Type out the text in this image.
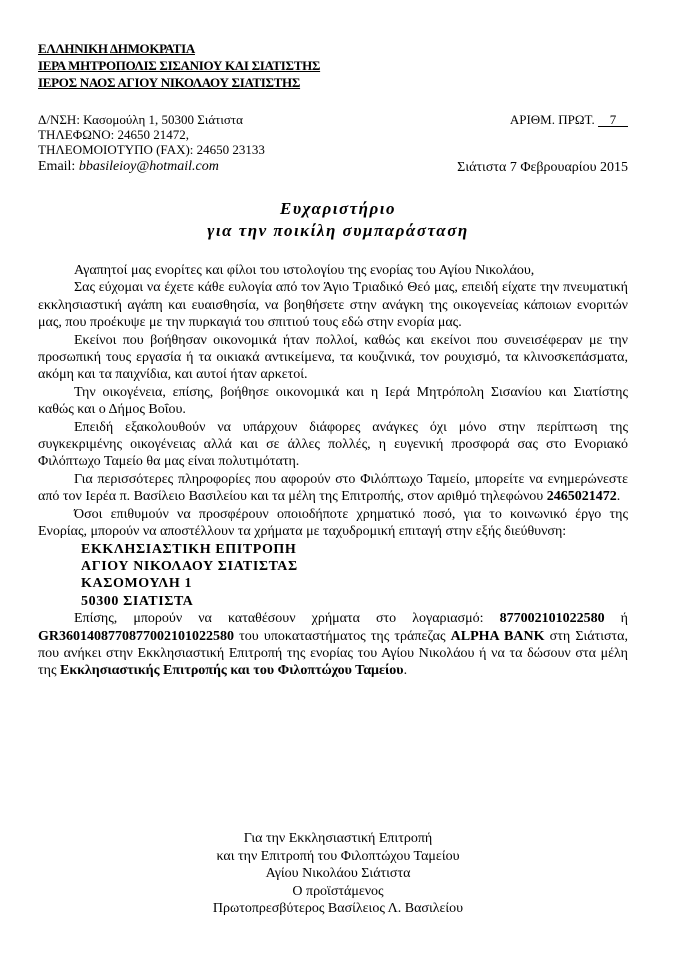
ΕΛΛΗΝΙΚΗ ΔΗΜΟΚΡΑΤΙΑ
ΙΕΡΑ ΜΗΤΡΟΠΟΛΙΣ ΣΙΣΑΝΙΟΥ ΚΑΙ ΣΙΑΤΙΣΤΗΣ
ΙΕΡΟΣ ΝΑΟΣ ΑΓΙΟΥ ΝΙΚΟΛΑΟΥ ΣΙΑΤΙΣΤΗΣ
Δ/ΝΣΗ: Κασομούλη 1, 50300 Σιάτιστα
ΤΗΛΕΦΩΝΟ: 24650 21472,
ΤΗΛΕΟΜΟΙΟΤΥΠΟ (FAX): 24650 23133
Email: bbasileioy@hotmail.com
ΑΡΙΘΜ. ΠΡΩΤ. 7
Σιάτιστα 7 Φεβρουαρίου 2015
Ευχαριστήριο
για την ποικίλη συμπαράσταση

Αγαπητοί μας ενορίτες και φίλοι του ιστολογίου της ενορίας του Αγίου Νικολάου,

Σας εύχομαι να έχετε κάθε ευλογία από τον Άγιο Τριαδικό Θεό μας, επειδή είχατε την πνευματική εκκλησιαστική αγάπη και ευαισθησία, να βοηθήσετε στην ανάγκη της οικογενείας κάποιων ενοριτών μας, που προέκυψε με την πυρκαγιά του σπιτιού τους εδώ στην ενορία μας.

Εκείνοι που βοήθησαν οικονομικά ήταν πολλοί, καθώς και εκείνοι που συνεισέφεραν με την προσωπική τους εργασία ή τα οικιακά αντικείμενα, τα κουζινικά, τον ρουχισμό, τα κλινοσκεπάσματα, ακόμη και τα παιχνίδια, και αυτοί ήταν αρκετοί.

Την οικογένεια, επίσης, βοήθησε οικονομικά και η Ιερά Μητρόπολη Σισανίου και Σιατίστης καθώς και ο Δήμος Βοΐου.

Επειδή εξακολουθούν να υπάρχουν διάφορες ανάγκες όχι μόνο στην περίπτωση της συγκεκριμένης οικογένειας αλλά και σε άλλες πολλές, η ευγενική προσφορά σας στο Ενοριακό Φιλόπτωχο Ταμείο θα μας είναι πολυτιμότατη.

Για περισσότερες πληροφορίες που αφορούν στο Φιλόπτωχο Ταμείο, μπορείτε να ενημερώνεστε από τον Ιερέα π. Βασίλειο Βασιλείου και τα μέλη της Επιτροπής, στον αριθμό τηλεφώνου 2465021472.

Όσοι επιθυμούν να προσφέρουν οποιοδήποτε χρηματικό ποσό, για το κοινωνικό έργο της Ενορίας, μπορούν να αποστέλλουν τα χρήματα με ταχυδρομική επιταγή στην εξής διεύθυνση:

ΕΚΚΛΗΣΙΑΣΤΙΚΗ ΕΠΙΤΡΟΠΗ
ΑΓΙΟΥ ΝΙΚΟΛΑΟΥ ΣΙΑΤΙΣΤΑΣ
ΚΑΣΟΜΟΥΛΗ 1
50300 ΣΙΑΤΙΣΤΑ

Επίσης, μπορούν να καταθέσουν χρήματα στο λογαριασμό: 877002101022580 ή GR3601408770877002101022580 του υποκαταστήματος της τράπεζας ALPHA BANK στη Σιάτιστα, που ανήκει στην Εκκλησιαστική Επιτροπή της ενορίας του Αγίου Νικολάου ή να τα δώσουν στα μέλη της Εκκλησιαστικής Επιτροπής και του Φιλοπτώχου Ταμείου.

Για την Εκκλησιαστική Επιτροπή
και την Επιτροπή του Φιλοπτώχου Ταμείου
Αγίου Νικολάου Σιάτιστα
Ο προϊστάμενος
Πρωτοπρεσβύτερος Βασίλειος Λ. Βασιλείου
